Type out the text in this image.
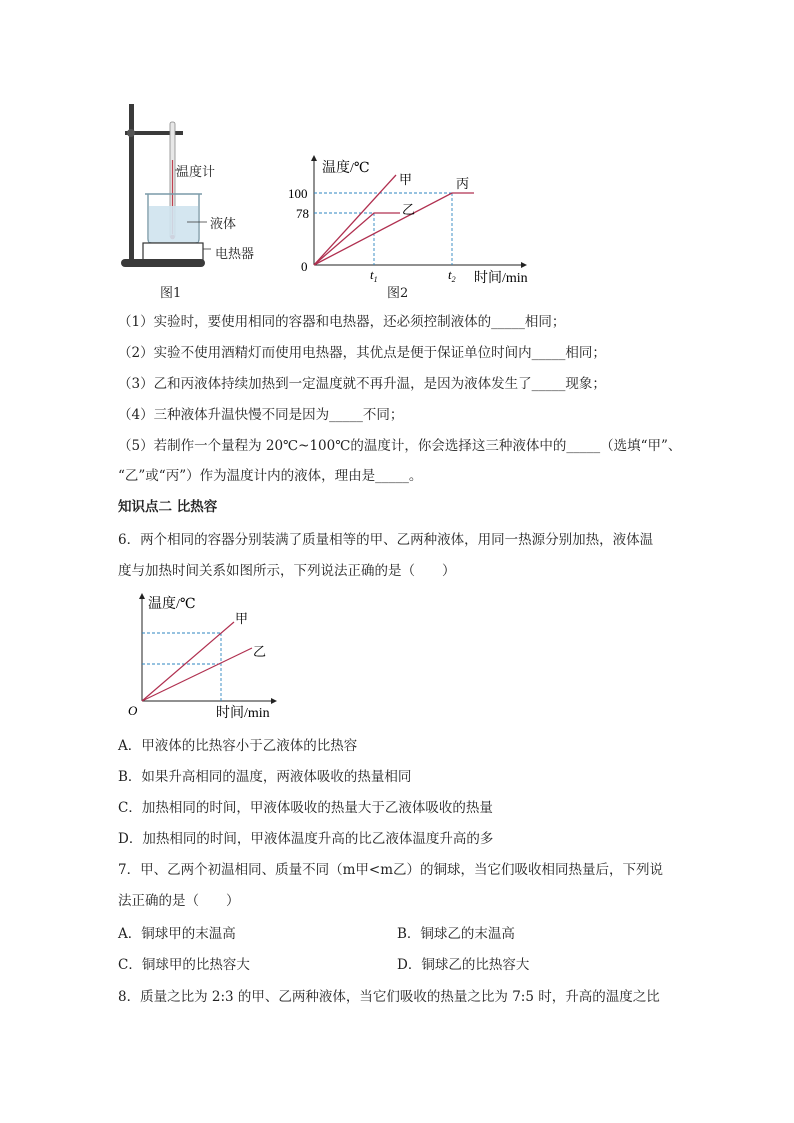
温度计
液体
电热器
图1
温度/℃
时间/min
0
100
78
$t_1$	$t_2$
甲
乙
丙
图2
（1）实验时，要使用相同的容器和电热器，还必须控制液体的_____相同；
（2）实验不使用酒精灯而使用电热器，其优点是便于保证单位时间内_____相同；
（3）乙和丙液体持续加热到一定温度就不再升温，是因为液体发生了_____现象；
（4）三种液体升温快慢不同是因为_____不同；
（5）若制作一个量程为 20℃~100℃的温度计，你会选择这三种液体中的_____（选填“甲”、
“乙”或“丙”）作为温度计内的液体，理由是_____。
知识点二 比热容
6．两个相同的容器分别装满了质量相等的甲、乙两种液体，用同一热源分别加热，液体温
度与加热时间关系如图所示，下列说法正确的是（　　）
温度/℃
甲
乙
O	时间/min
A．甲液体的比热容小于乙液体的比热容
B．如果升高相同的温度，两液体吸收的热量相同
C．加热相同的时间，甲液体吸收的热量大于乙液体吸收的热量
D．加热相同的时间，甲液体温度升高的比乙液体温度升高的多
7．甲、乙两个初温相同、质量不同（m甲<m乙）的铜球，当它们吸收相同热量后，下列说
法正确的是（　　）
A．铜球甲的末温高	B．铜球乙的末温高
C．铜球甲的比热容大	D．铜球乙的比热容大
8．质量之比为 2:3 的甲、乙两种液体，当它们吸收的热量之比为 7:5 时，升高的温度之比
